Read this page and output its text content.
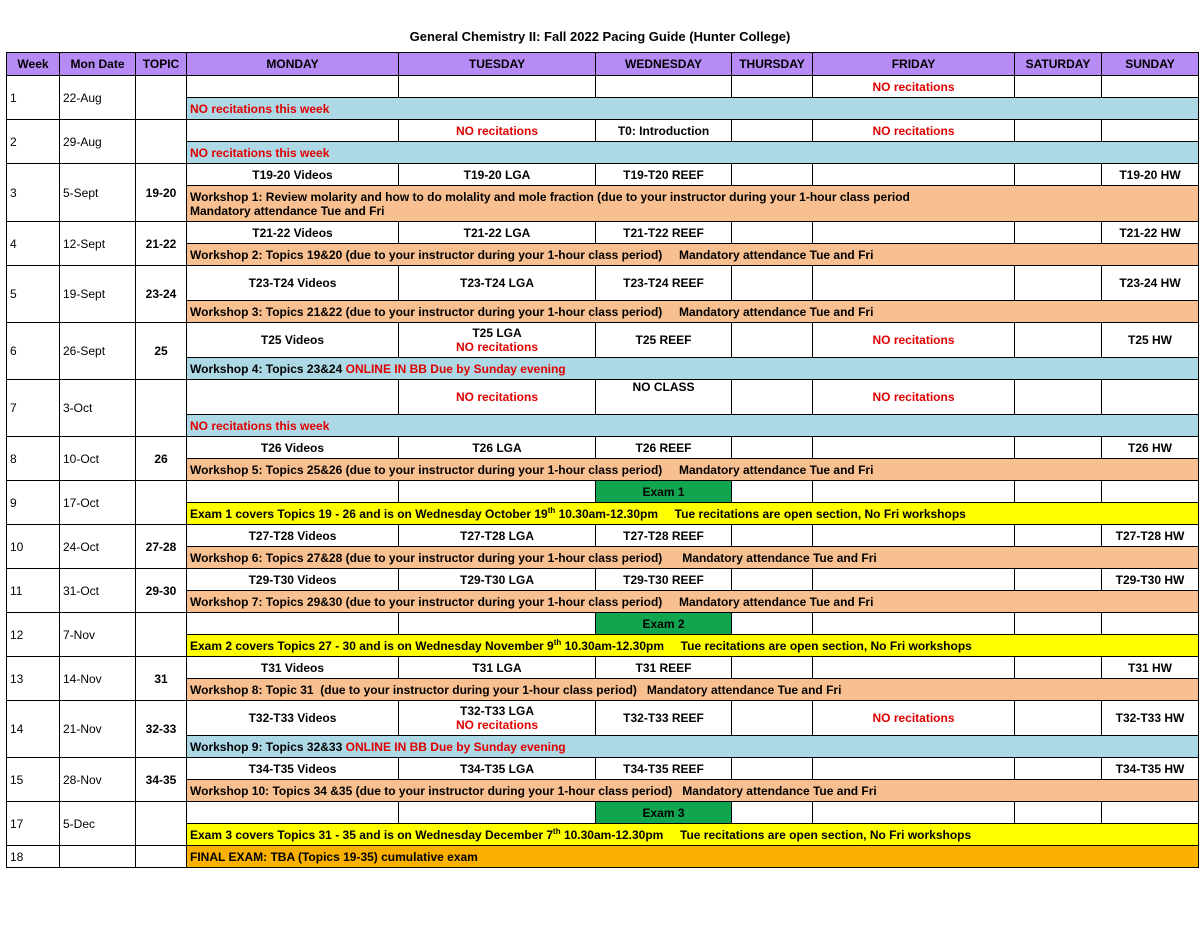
General Chemistry II: Fall 2022 Pacing Guide (Hunter College)
Week	Mon Date	TOPIC	MONDAY	TUESDAY	WEDNESDAY	THURSDAY	FRIDAY	SATURDAY	SUNDAY
1	22-Aug						NO recitations		
			NO recitations this week						
2	29-Aug			NO recitations	T0: Introduction		NO recitations		
			NO recitations this week						
3	5-Sept	19-20	T19-20 Videos	T19-20 LGA	T19-T20 REEF				T19-20 HW

			Workshop 1: Review molarity and how to do molality and mole fraction (due to your instructor during your 1-hour class period
Mandatory attendance Tue and Fri						

4	12-Sept	21-22	T21-22 Videos	T21-22 LGA	T21-T22 REEF				T21-22 HW
			Workshop 2: Topics 19&20 (due to your instructor during your 1-hour class period)     Mandatory attendance Tue and Fri						
5	19-Sept	23-24	T23-T24 Videos	T23-T24 LGA	T23-T24 REEF				T23-24 HW
			Workshop 3: Topics 21&22 (due to your instructor during your 1-hour class period)     Mandatory attendance Tue and Fri						
6	26-Sept	25	T25 Videos	T25 LGA
NO recitations	T25 REEF		NO recitations		T25 HW
			Workshop 4: Topics 23&24 ONLINE IN BB Due by Sunday evening						
7	3-Oct			NO recitations	NO CLASS		NO recitations		
			NO recitations this week						
8	10-Oct	26	T26 Videos	T26 LGA	T26 REEF				T26 HW
			Workshop 5: Topics 25&26 (due to your instructor during your 1-hour class period)     Mandatory attendance Tue and Fri						
9	17-Oct				Exam 1				
			Exam 1 covers Topics 19 - 26 and is on Wednesday October 19th 10.30am-12.30pm     Tue recitations are open section, No Fri workshops						
10	24-Oct	27-28	T27-T28 Videos	T27-T28 LGA	T27-T28 REEF				T27-T28 HW
			Workshop 6: Topics 27&28 (due to your instructor during your 1-hour class period)      Mandatory attendance Tue and Fri						
11	31-Oct	29-30	T29-T30 Videos	T29-T30 LGA	T29-T30 REEF				T29-T30 HW
			Workshop 7: Topics 29&30 (due to your instructor during your 1-hour class period)     Mandatory attendance Tue and Fri						
12	7-Nov				Exam 2				
			Exam 2 covers Topics 27 - 30 and is on Wednesday November 9th 10.30am-12.30pm     Tue recitations are open section, No Fri workshops						
13	14-Nov	31	T31 Videos	T31 LGA	T31 REEF				T31 HW
			Workshop 8: Topic 31  (due to your instructor during your 1-hour class period)   Mandatory attendance Tue and Fri						
14	21-Nov	32-33	T32-T33 Videos	T32-T33 LGA
NO recitations	T32-T33 REEF		NO recitations		T32-T33 HW
			Workshop 9: Topics 32&33 ONLINE IN BB Due by Sunday evening						
15	28-Nov	34-35	T34-T35 Videos	T34-T35 LGA	T34-T35 REEF				T34-T35 HW
			Workshop 10: Topics 34 &35 (due to your instructor during your 1-hour class period)   Mandatory attendance Tue and Fri						
17	5-Dec				Exam 3				
			Exam 3 covers Topics 31 - 35 and is on Wednesday December 7th 10.30am-12.30pm     Tue recitations are open section, No Fri workshops						
18			FINAL EXAM: TBA (Topics 19-35) cumulative exam						
